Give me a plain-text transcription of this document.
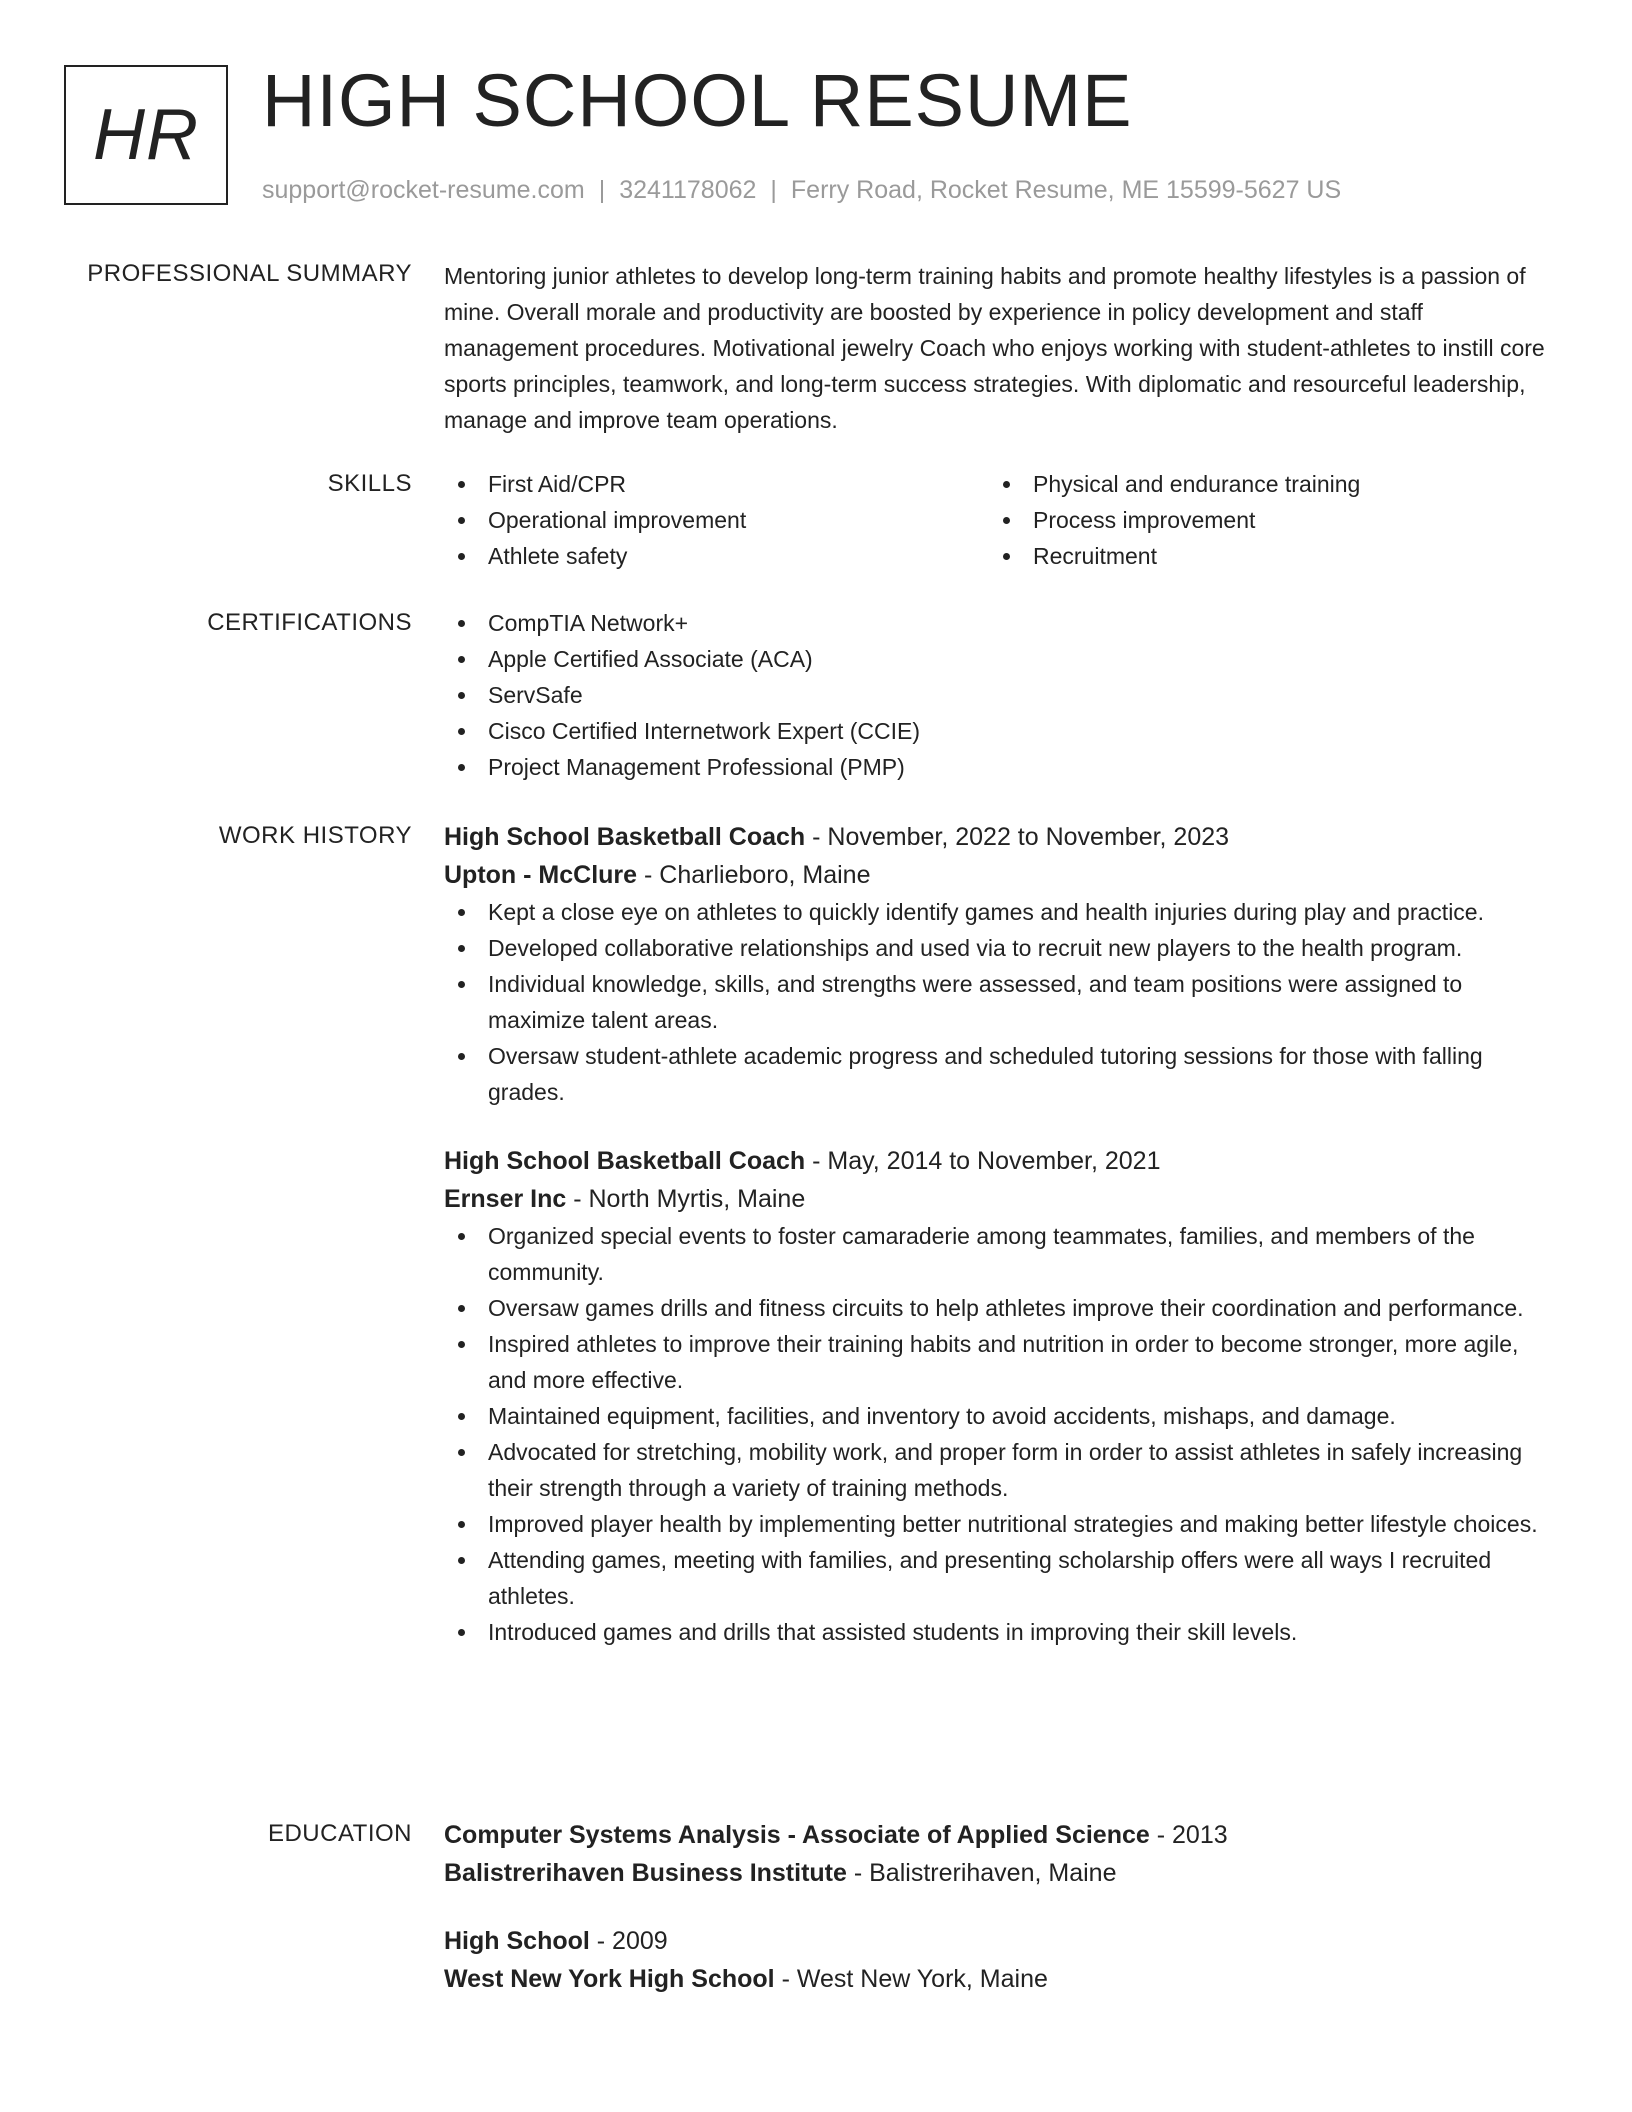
HR HIGH SCHOOL RESUME
support@rocket-resume.com | 3241178062 | Ferry Road, Rocket Resume, ME 15599-5627 US
PROFESSIONAL SUMMARY Mentoring junior athletes to develop long-term training habits and promote healthy lifestyles is a passion of mine. Overall morale and productivity are boosted by experience in policy development and staff management procedures. Motivational jewelry Coach who enjoys working with student-athletes to instill core sports principles, teamwork, and long-term success strategies. With diplomatic and resourceful leadership, manage and improve team operations.

SKILLS	First Aid/CPR
Operational improvement
Athlete safety
Physical and endurance training
Process improvement
Recruitment
CERTIFICATIONS	CompTIA Network+
Apple Certified Associate (ACA)
ServSafe
Cisco Certified Internetwork Expert (CCIE)
Project Management Professional (PMP)
WORK HISTORY High School Basketball Coach - November, 2022 to November, 2023
Upton - McClure - Charlieboro, Maine
Kept a close eye on athletes to quickly identify games and health injuries during play and practice.
Developed collaborative relationships and used via to recruit new players to the health program.
Individual knowledge, skills, and strengths were assessed, and team positions were assigned to maximize talent areas.
Oversaw student-athlete academic progress and scheduled tutoring sessions for those with falling grades.
High School Basketball Coach - May, 2014 to November, 2021
Ernser Inc - North Myrtis, Maine
Organized special events to foster camaraderie among teammates, families, and members of the community.
Oversaw games drills and fitness circuits to help athletes improve their coordination and performance.
Inspired athletes to improve their training habits and nutrition in order to become stronger, more agile, and more effective.
Maintained equipment, facilities, and inventory to avoid accidents, mishaps, and damage.
Advocated for stretching, mobility work, and proper form in order to assist athletes in safely increasing their strength through a variety of training methods.
Improved player health by implementing better nutritional strategies and making better lifestyle choices.
Attending games, meeting with families, and presenting scholarship offers were all ways I recruited athletes.
Introduced games and drills that assisted students in improving their skill levels.
EDUCATION Computer Systems Analysis - Associate of Applied Science - 2013
Balistrerihaven Business Institute - Balistrerihaven, Maine
High School - 2009
West New York High School - West New York, Maine
